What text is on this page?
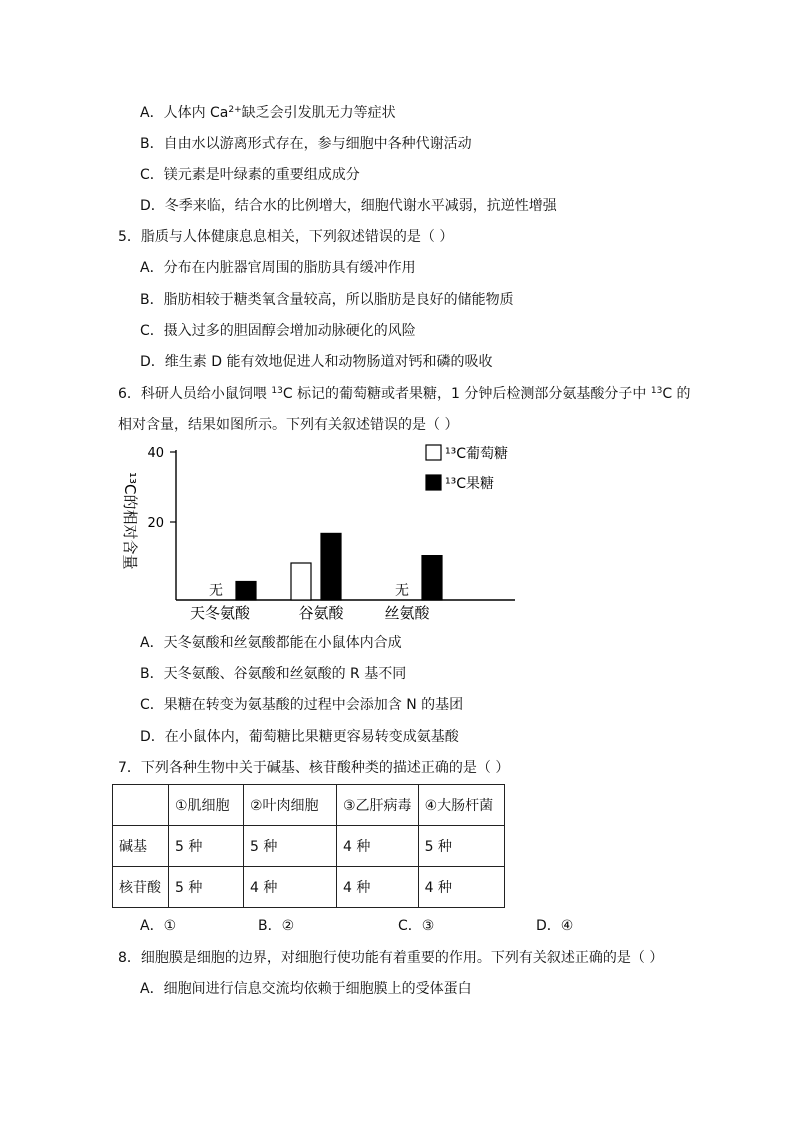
A．人体内 $Ca^{2+}$缺乏会引发肌无力等症状
B．自由水以游离形式存在，参与细胞中各种代谢活动
C．镁元素是叶绿素的重要组成成分
D．冬季来临，结合水的比例增大，细胞代谢水平减弱，抗逆性增强
5．脂质与人体健康息息相关，下列叙述错误的是（ ）
A．分布在内脏器官周围的脂肪具有缓冲作用
B．脂肪相较于糖类氧含量较高，所以脂肪是良好的储能物质
C．摄入过多的胆固醇会增加动脉硬化的风险
D．维生素 D 能有效地促进人和动物肠道对钙和磷的吸收
6．科研人员给小鼠饲喂 $^{13}$C 标记的葡萄糖或者果糖，1 分钟后检测部分氨基酸分子中 $^{13}$C 的
相对含量，结果如图所示。下列有关叙述错误的是（ ）
¹³C的相对含量
40
20
无	无
天冬氨酸	谷氨酸	丝氨酸
¹³C葡萄糖
¹³C果糖
A．天冬氨酸和丝氨酸都能在小鼠体内合成
B．天冬氨酸、谷氨酸和丝氨酸的 R 基不同
C．果糖在转变为氨基酸的过程中会添加含 N 的基团
D．在小鼠体内，葡萄糖比果糖更容易转变成氨基酸
7．下列各种生物中关于碱基、核苷酸种类的描述正确的是（ ）
	①肌细胞	②叶肉细胞	③乙肝病毒	④大肠杆菌
碱基	5 种	5 种	4 种	5 种
核苷酸	5 种	4 种	4 种	4 种
A．①	B．②	C．③	D．④
8．细胞膜是细胞的边界，对细胞行使功能有着重要的作用。下列有关叙述正确的是（ ）
A．细胞间进行信息交流均依赖于细胞膜上的受体蛋白
